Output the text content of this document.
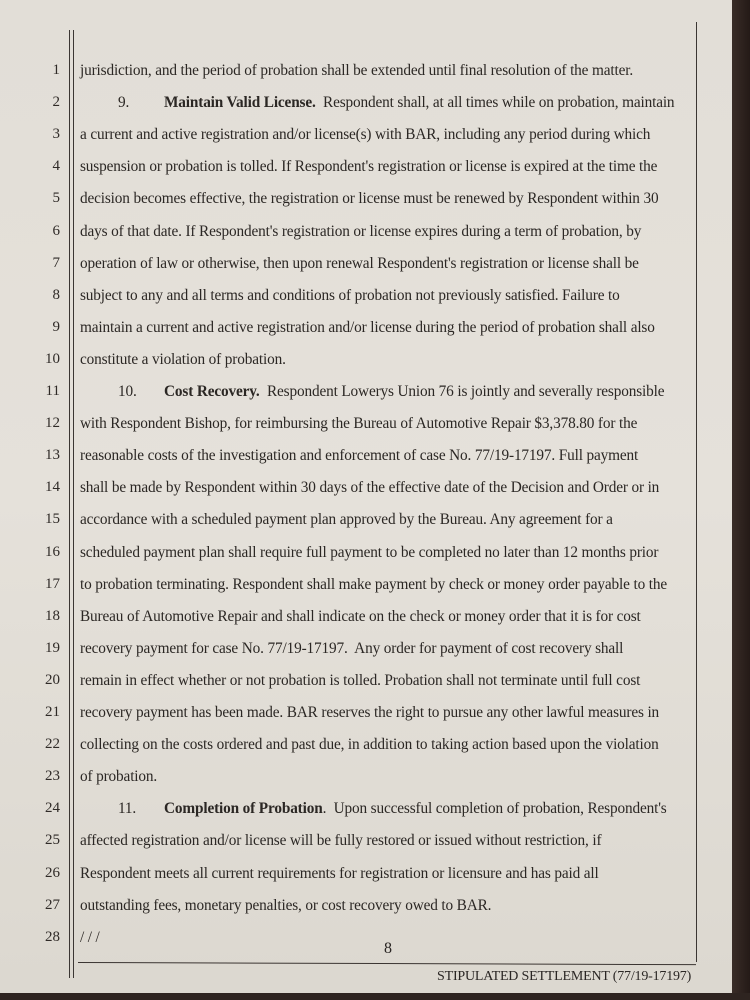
1
2
3
4
5
6
7
8
9
10
11
12
13
14
15
16
17
18
19
20
21
22
23
24
25
26
27
28
jurisdiction, and the period of probation shall be extended until final resolution of the matter.
9. Maintain Valid License.  Respondent shall, at all times while on probation, maintain
a current and active registration and/or license(s) with BAR, including any period during which
suspension or probation is tolled. If Respondent's registration or license is expired at the time the
decision becomes effective, the registration or license must be renewed by Respondent within 30
days of that date. If Respondent's registration or license expires during a term of probation, by
operation of law or otherwise, then upon renewal Respondent's registration or license shall be
subject to any and all terms and conditions of probation not previously satisfied. Failure to
maintain a current and active registration and/or license during the period of probation shall also
constitute a violation of probation.
10. Cost Recovery.  Respondent Lowerys Union 76 is jointly and severally responsible
with Respondent Bishop, for reimbursing the Bureau of Automotive Repair $3,378.80 for the
reasonable costs of the investigation and enforcement of case No. 77/19-17197. Full payment
shall be made by Respondent within 30 days of the effective date of the Decision and Order or in
accordance with a scheduled payment plan approved by the Bureau. Any agreement for a
scheduled payment plan shall require full payment to be completed no later than 12 months prior
to probation terminating. Respondent shall make payment by check or money order payable to the
Bureau of Automotive Repair and shall indicate on the check or money order that it is for cost
recovery payment for case No. 77/19-17197.  Any order for payment of cost recovery shall
remain in effect whether or not probation is tolled. Probation shall not terminate until full cost
recovery payment has been made. BAR reserves the right to pursue any other lawful measures in
collecting on the costs ordered and past due, in addition to taking action based upon the violation
of probation.
11. Completion of Probation.  Upon successful completion of probation, Respondent's
affected registration and/or license will be fully restored or issued without restriction, if
Respondent meets all current requirements for registration or licensure and has paid all
outstanding fees, monetary penalties, or cost recovery owed to BAR.
/ / /
8
STIPULATED SETTLEMENT (77/19-17197)
